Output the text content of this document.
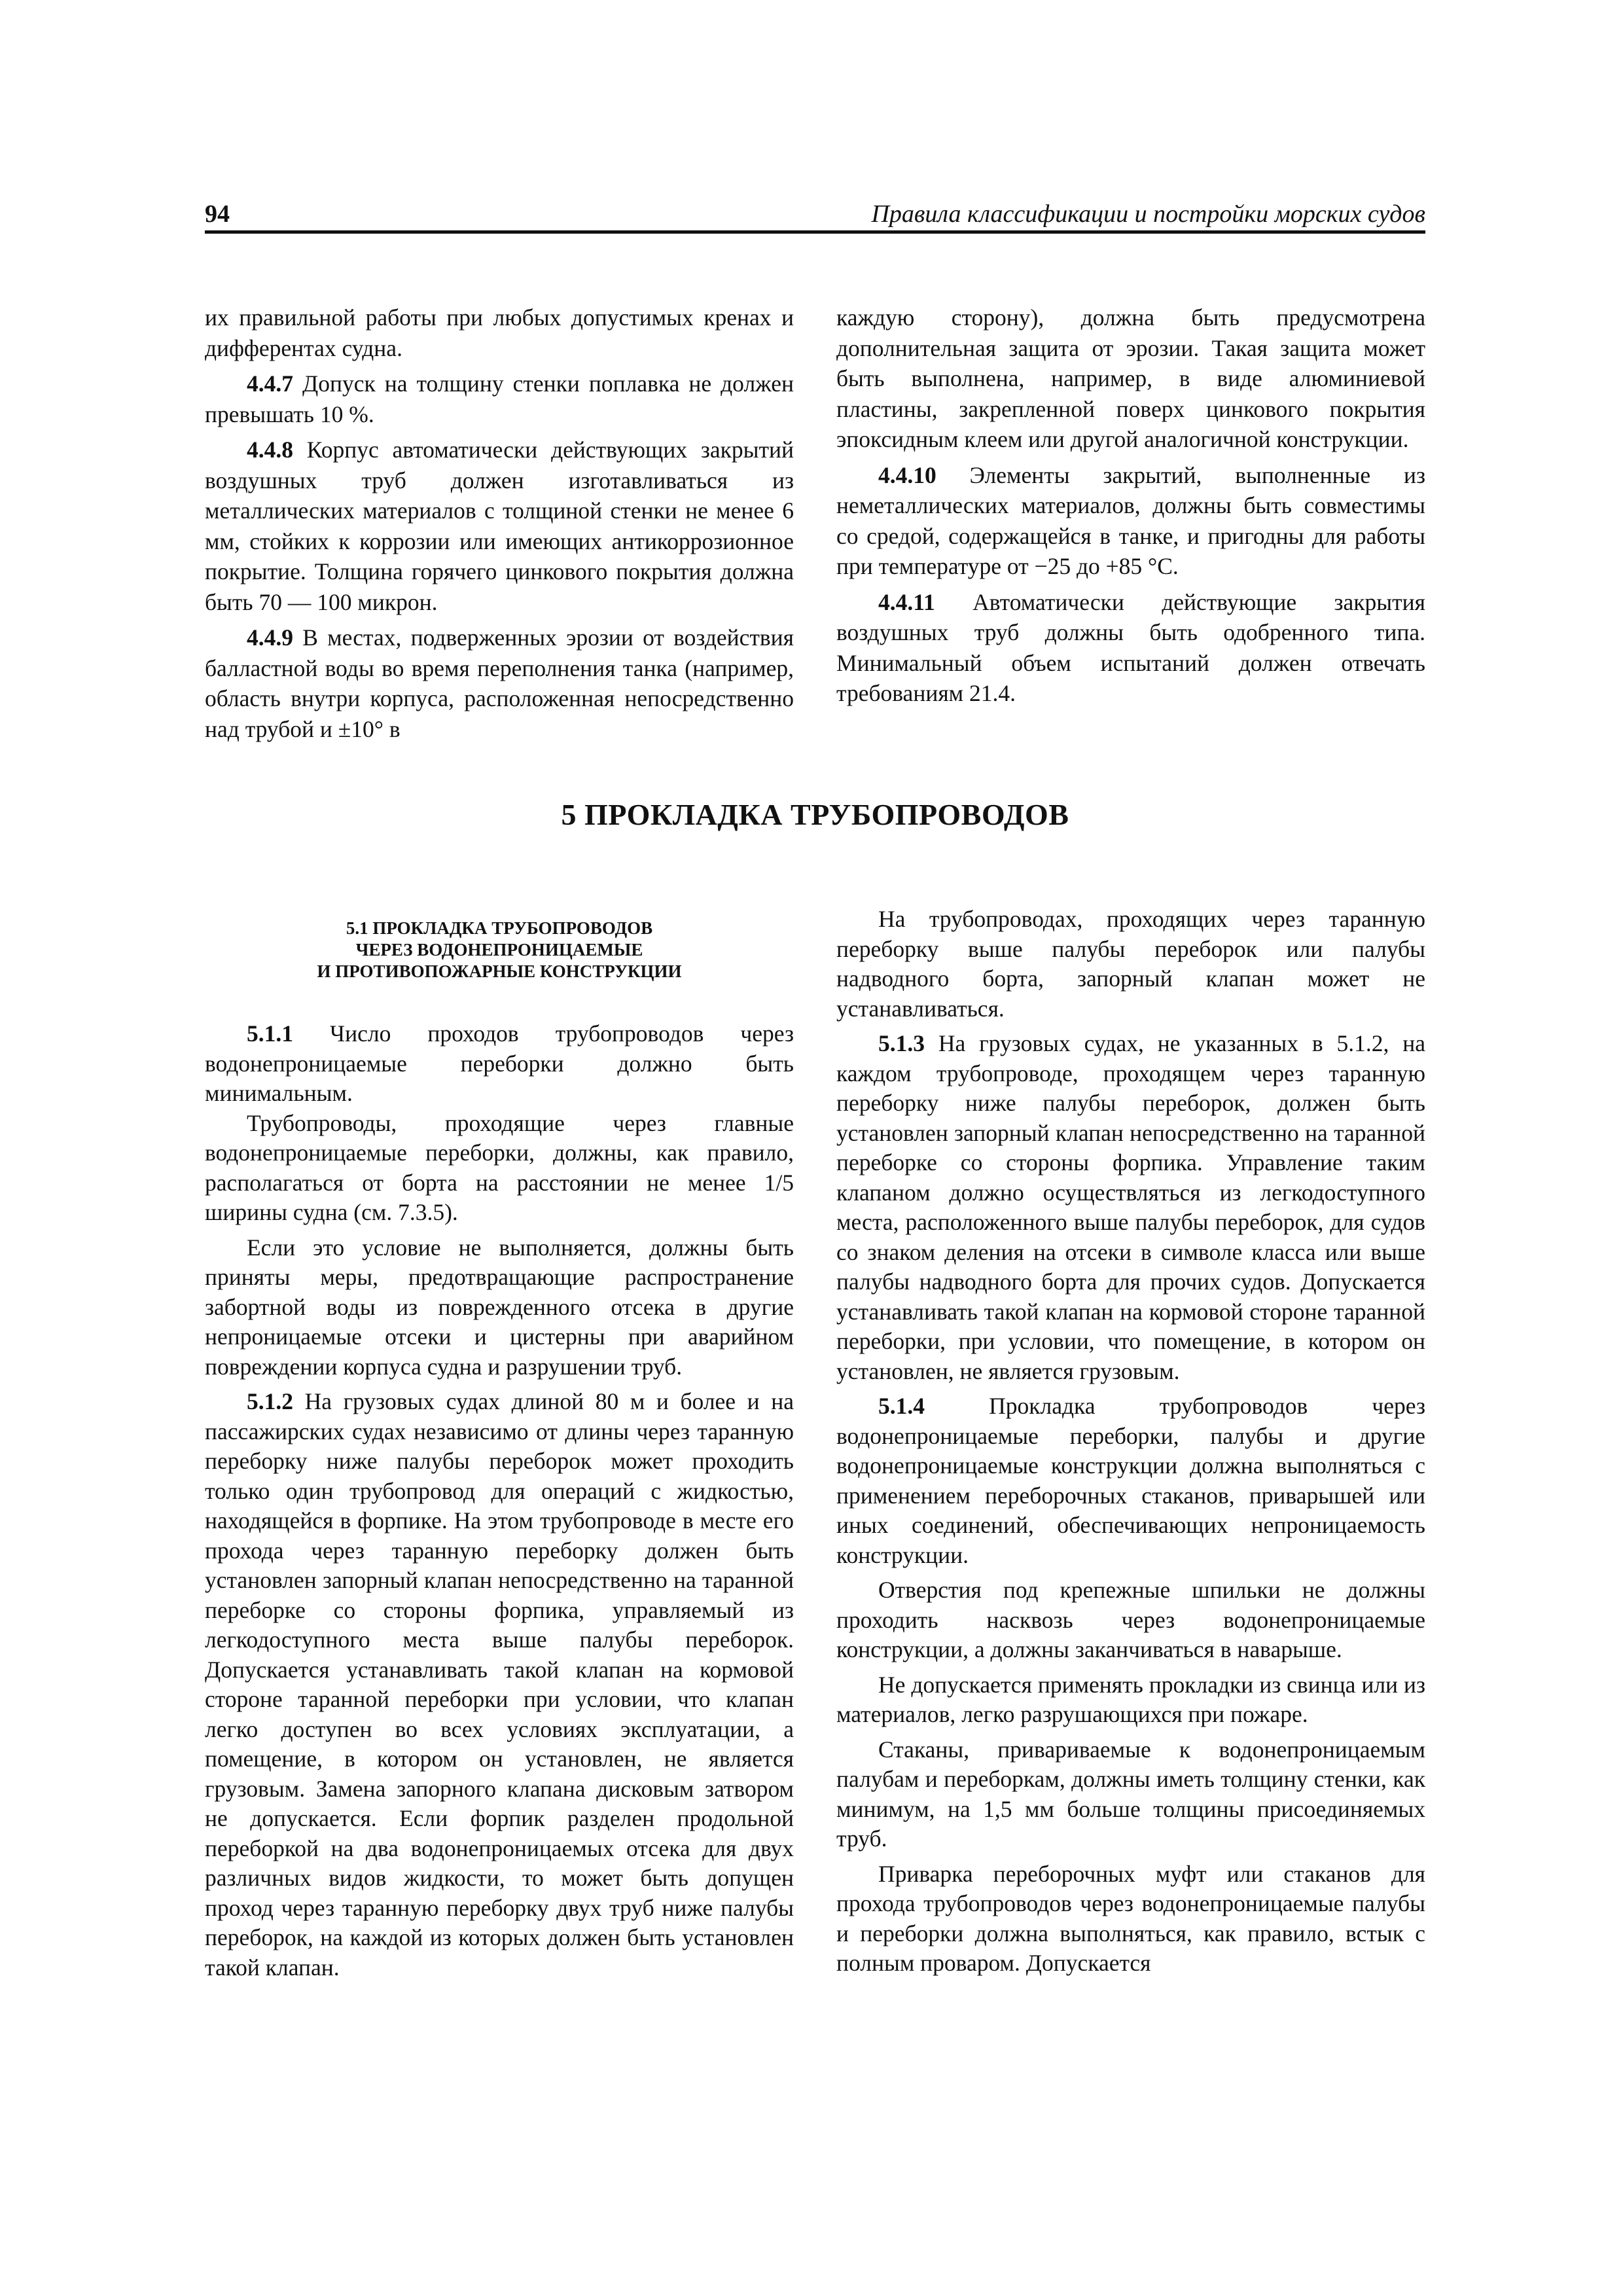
94	Правила классификации и постройки морских судов

их правильной работы при любых допустимых кренах и дифферентах судна.

4.4.7 Допуск на толщину стенки поплавка не должен превышать 10 %.

4.4.8 Корпус автоматически действующих закрытий воздушных труб должен изготавливаться из металлических материалов с толщиной стенки не менее 6 мм, стойких к коррозии или имеющих антикоррозионное покрытие. Толщина горячего цинкового покрытия должна быть 70 — 100 микрон.

4.4.9 В местах, подверженных эрозии от воздействия балластной воды во время переполнения танка (например, область внутри корпуса, расположенная непосредственно над трубой и ±10° в

каждую сторону), должна быть предусмотрена дополнительная защита от эрозии. Такая защита может быть выполнена, например, в виде алюминиевой пластины, закрепленной поверх цинкового покрытия эпоксидным клеем или другой аналогичной конструкции.

4.4.10 Элементы закрытий, выполненные из неметаллических материалов, должны быть совместимы со средой, содержащейся в танке, и пригодны для работы при температуре от −25 до +85 °С.

4.4.11 Автоматически действующие закрытия воздушных труб должны быть одобренного типа. Минимальный объем испытаний должен отвечать требованиям 21.4.

5 ПРОКЛАДКА ТРУБОПРОВОДОВ
5.1 ПРОКЛАДКА ТРУБОПРОВОДОВ
ЧЕРЕЗ ВОДОНЕПРОНИЦАЕМЫЕ
И ПРОТИВОПОЖАРНЫЕ КОНСТРУКЦИИ

5.1.1 Число проходов трубопроводов через водонепроницаемые переборки должно быть минимальным.

Трубопроводы, проходящие через главные водонепроницаемые переборки, должны, как правило, располагаться от борта на расстоянии не менее 1/5 ширины судна (см. 7.3.5).

Если это условие не выполняется, должны быть приняты меры, предотвращающие распространение забортной воды из поврежденного отсека в другие непроницаемые отсеки и цистерны при аварийном повреждении корпуса судна и разрушении труб.

5.1.2 На грузовых судах длиной 80 м и более и на пассажирских судах независимо от длины через таранную переборку ниже палубы переборок может проходить только один трубопровод для операций с жидкостью, находящейся в форпике. На этом трубопроводе в месте его прохода через таранную переборку должен быть установлен запорный клапан непосредственно на таранной переборке со стороны форпика, управляемый из легкодоступного места выше палубы переборок. Допускается устанавливать такой клапан на кормовой стороне таранной переборки при условии, что клапан легко доступен во всех условиях эксплуатации, а помещение, в котором он установлен, не является грузовым. Замена запорного клапана дисковым затвором не допускается. Если форпик разделен продольной переборкой на два водонепроницаемых отсека для двух различных видов жидкости, то может быть допущен проход через таранную переборку двух труб ниже палубы переборок, на каждой из которых должен быть установлен такой клапан.

На трубопроводах, проходящих через таранную переборку выше палубы переборок или палубы надводного борта, запорный клапан может не устанавливаться.

5.1.3 На грузовых судах, не указанных в 5.1.2, на каждом трубопроводе, проходящем через таранную переборку ниже палубы переборок, должен быть установлен запорный клапан непосредственно на таранной переборке со стороны форпика. Управление таким клапаном должно осуществляться из легкодоступного места, расположенного выше палубы переборок, для судов со знаком деления на отсеки в символе класса или выше палубы надводного борта для прочих судов. Допускается устанавливать такой клапан на кормовой стороне таранной переборки, при условии, что помещение, в котором он установлен, не является грузовым.

5.1.4 Прокладка трубопроводов через водонепроницаемые переборки, палубы и другие водонепроницаемые конструкции должна выполняться с применением переборочных стаканов, приварышей или иных соединений, обеспечивающих непроницаемость конструкции.

Отверстия под крепежные шпильки не должны проходить насквозь через водонепроницаемые конструкции, а должны заканчиваться в наварыше.

Не допускается применять прокладки из свинца или из материалов, легко разрушающихся при пожаре.

Стаканы, привариваемые к водонепроницаемым палубам и переборкам, должны иметь толщину стенки, как минимум, на 1,5 мм больше толщины присоединяемых труб.

Приварка переборочных муфт или стаканов для прохода трубопроводов через водонепроницаемые палубы и переборки должна выполняться, как правило, встык с полным проваром. Допускается
